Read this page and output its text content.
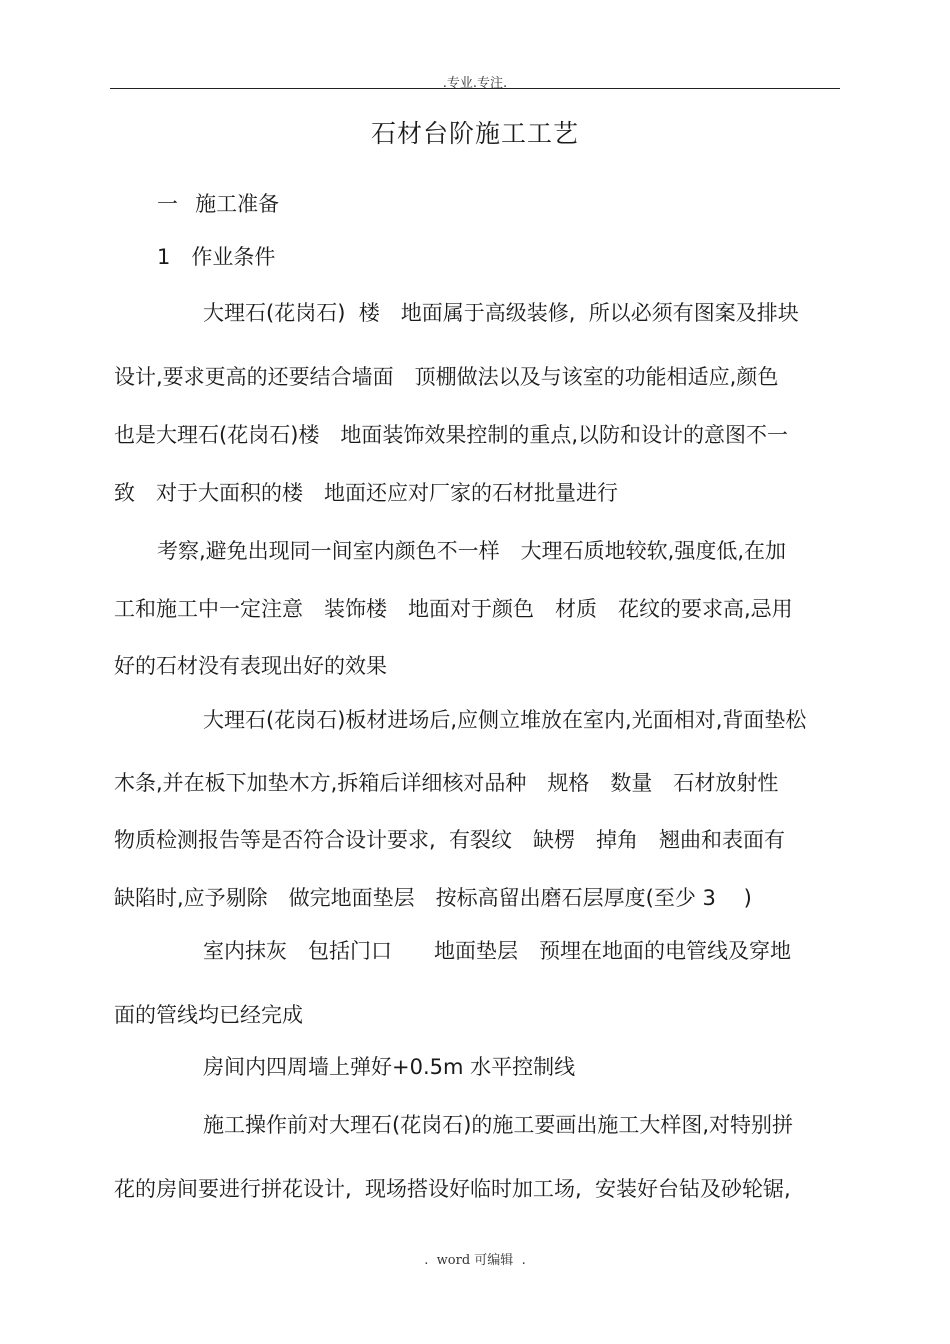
.专业.专注.
石材台阶施工工艺
一  施工准备
1 作业条件
大理石(花岗石)  楼 地面属于高级装修,  所以必须有图案及排块
设计,要求更高的还要结合墙面 顶棚做法以及与该室的功能相适应,颜色
也是大理石(花岗石)楼 地面装饰效果控制的重点,以防和设计的意图不一
致 对于大面积的楼 地面还应对厂家的石材批量进行
考察,避免出现同一间室内颜色不一样 大理石质地较软,强度低,在加
工和施工中一定注意 装饰楼 地面对于颜色 材质 花纹的要求高,忌用
好的石材没有表现出好的效果
大理石(花岗石)板材进场后,应侧立堆放在室内,光面相对,背面垫松
木条,并在板下加垫木方,拆箱后详细核对品种 规格 数量 石材放射性
物质检测报告等是否符合设计要求,  有裂纹 缺楞 掉角 翘曲和表面有
缺陷时,应予剔除 做完地面垫层 按标高留出磨石层厚度(至少 3  )
室内抹灰 包括门口  地面垫层 预埋在地面的电管线及穿地
面的管线均已经完成
房间内四周墙上弹好+0.5m 水平控制线
施工操作前对大理石(花岗石)的施工要画出施工大样图,对特别拼
花的房间要进行拼花设计,  现场搭设好临时加工场,  安装好台钻及砂轮锯,
.  word 可编辑  .
